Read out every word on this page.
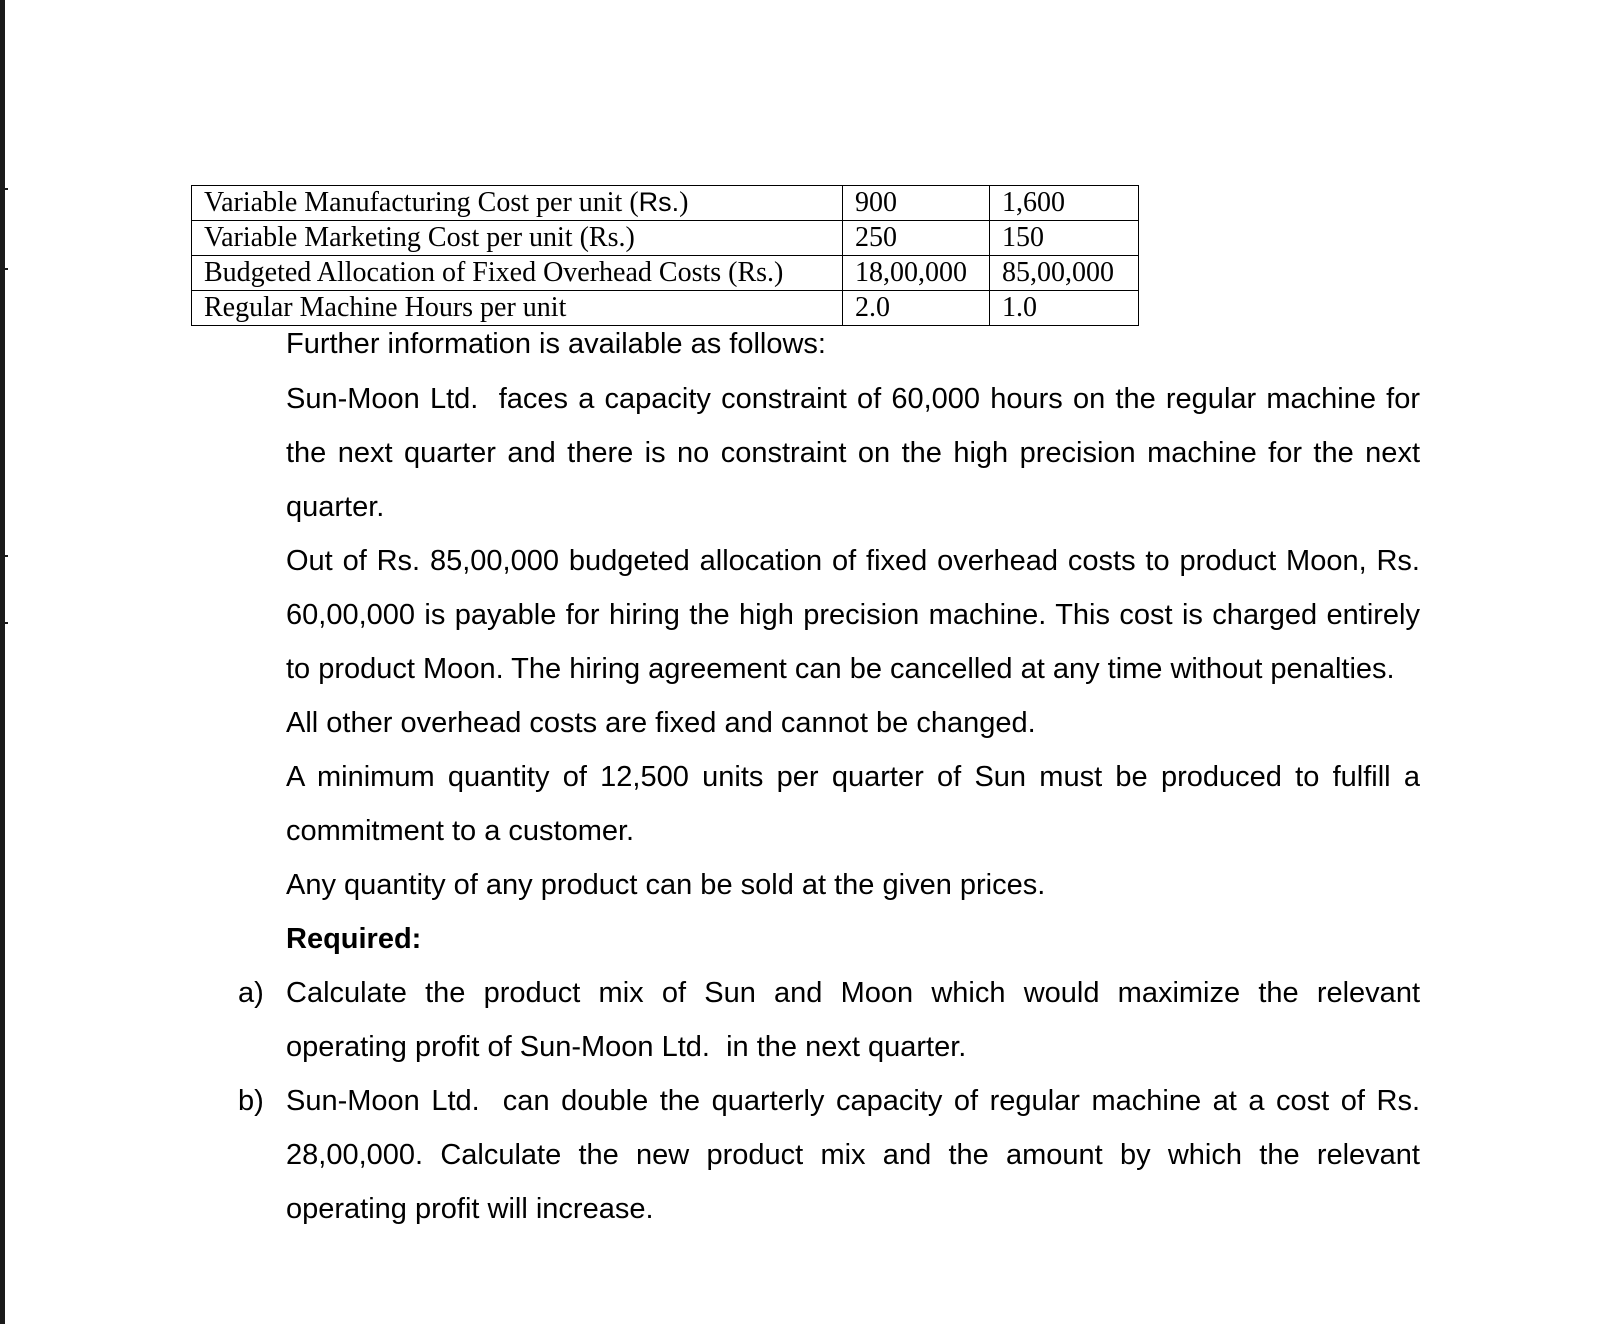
Variable Manufacturing Cost per unit (Rs.)	900	1,600
Variable Marketing Cost per unit (Rs.)	250	150
Budgeted Allocation of Fixed Overhead Costs (Rs.)	18,00,000	85,00,000
Regular Machine Hours per unit	2.0	1.0
Further information is available as follows:

Sun-Moon Ltd.  faces a capacity constraint of 60,000 hours on the regular machine for the next quarter and there is no constraint on the high precision machine for the next quarter.

Out of Rs. 85,00,000 budgeted allocation of fixed overhead costs to product Moon, Rs. 60,00,000 is payable for hiring the high precision machine. This cost is charged entirely to product Moon. The hiring agreement can be cancelled at any time without penalties.

All other overhead costs are fixed and cannot be changed.

A minimum quantity of 12,500 units per quarter of Sun must be produced to fulfill a commitment to a customer.

Any quantity of any product can be sold at the given prices.

Required:

a) Calculate the product mix of Sun and Moon which would maximize the relevant operating profit of Sun-Moon Ltd.  in the next quarter.

b) Sun-Moon Ltd.  can double the quarterly capacity of regular machine at a cost of Rs. 28,00,000. Calculate the new product mix and the amount by which the relevant operating profit will increase.
